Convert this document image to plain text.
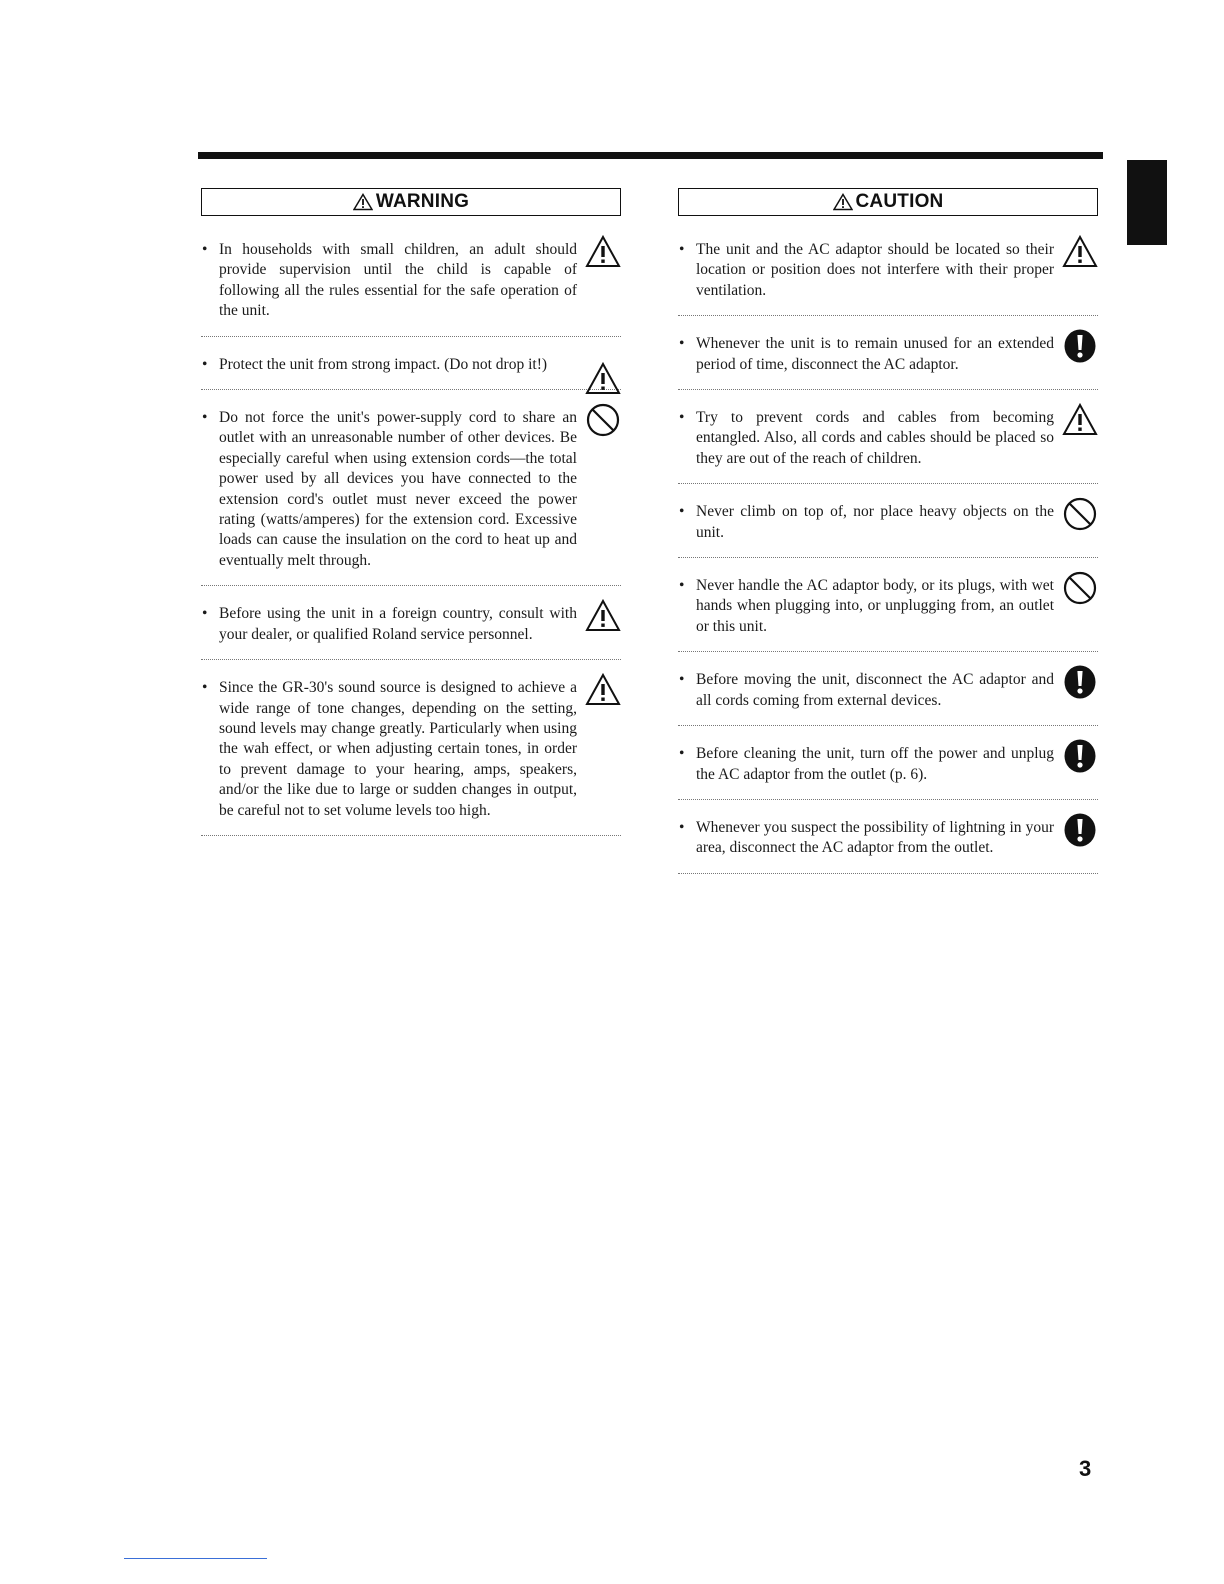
WARNING
• In households with small children, an adult should provide supervision until the child is capable of following all the rules essential for the safe operation of the unit.
• Protect the unit from strong impact. (Do not drop it!)
• Do not force the unit's power-supply cord to share an outlet with an unreasonable number of other devices. Be especially careful when using extension cords—the total power used by all devices you have connected to the extension cord's outlet must never exceed the power rating (watts/amperes) for the extension cord. Excessive loads can cause the insulation on the cord to heat up and eventually melt through.
• Before using the unit in a foreign country, consult with your dealer, or qualified Roland service personnel.
• Since the GR-30's sound source is designed to achieve a wide range of tone changes, depending on the setting, sound levels may change greatly. Particularly when using the wah effect, or when adjusting certain tones, in order to prevent damage to your hearing, amps, speakers, and/or the like due to large or sudden changes in output, be careful not to set volume levels too high.
CAUTION
• The unit and the AC adaptor should be located so their location or position does not interfere with their proper ventilation.
• Whenever the unit is to remain unused for an extended period of time, disconnect the AC adaptor.
• Try to prevent cords and cables from becoming entangled. Also, all cords and cables should be placed so they are out of the reach of children.
• Never climb on top of, nor place heavy objects on the unit.
• Never handle the AC adaptor body, or its plugs, with wet hands when plugging into, or unplugging from, an outlet or this unit.
• Before moving the unit, disconnect the AC adaptor and all cords coming from external devices.
• Before cleaning the unit, turn off the power and unplug the AC adaptor from the outlet (p. 6).
• Whenever you suspect the possibility of lightning in your area, disconnect the AC adaptor from the outlet.
3
